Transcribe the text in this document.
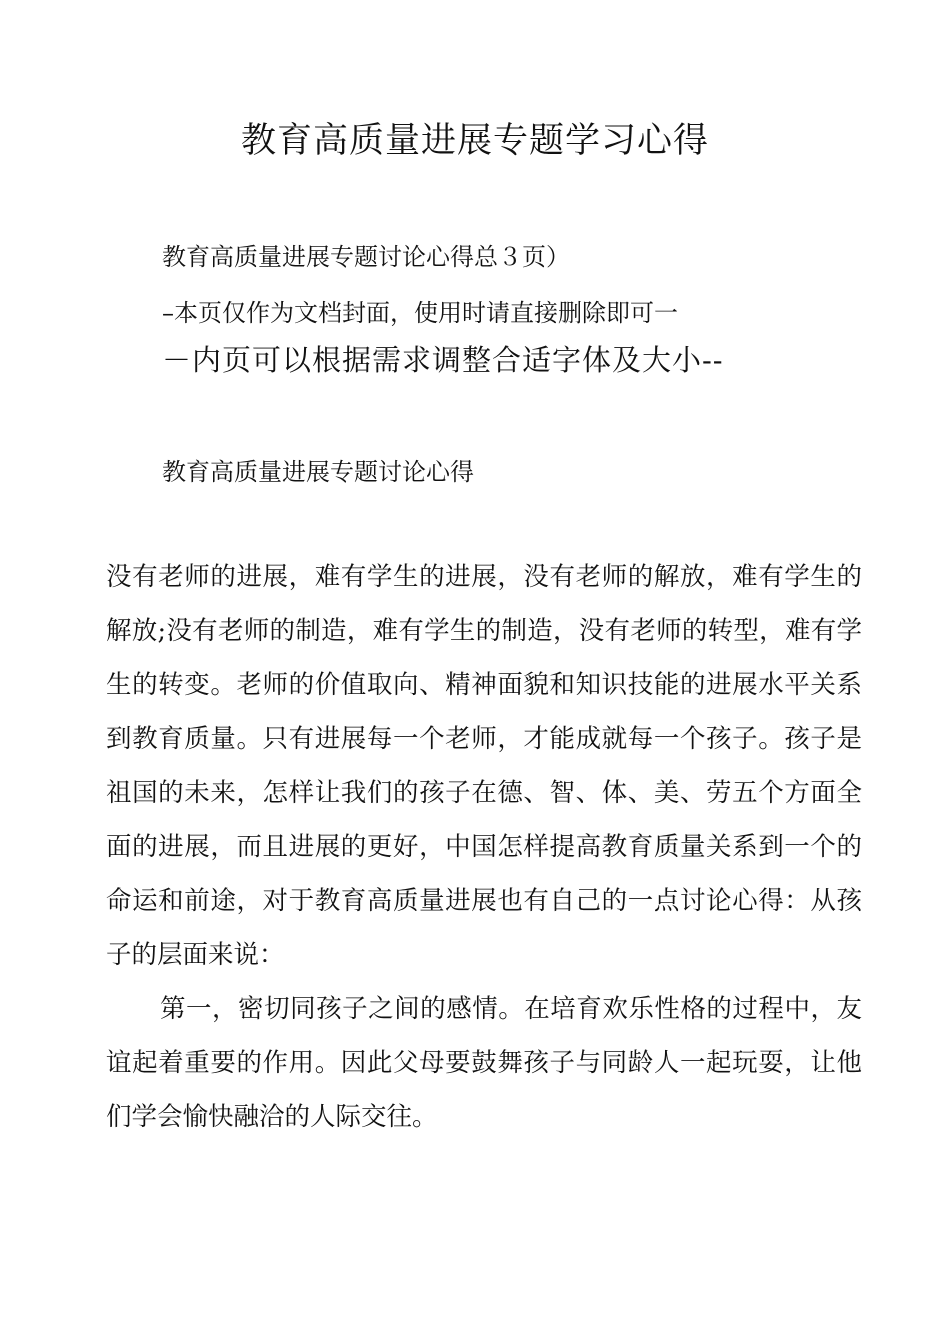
教育高质量进展专题学习心得
教育高质量进展专题讨论心得总３页）
–本页仅作为文档封面，使用时请直接删除即可一
－内页可以根据需求调整合适字体及大小--
教育高质量进展专题讨论心得

没有老师的进展，难有学生的进展，没有老师的解放，难有学生的解放;没有老师的制造，难有学生的制造，没有老师的转型，难有学生的转变。老师的价值取向、精神面貌和知识技能的进展水平关系到教育质量。只有进展每一个老师，才能成就每一个孩子。孩子是祖国的未来，怎样让我们的孩子在德、智、体、美、劳五个方面全面的进展，而且进展的更好，中国怎样提高教育质量关系到一个的命运和前途，对于教育高质量进展也有自己的一点讨论心得：从孩子的层面来说：

第一，密切同孩子之间的感情。在培育欢乐性格的过程中，友谊起着重要的作用。因此父母要鼓舞孩子与同龄人一起玩耍，让他们学会愉快融洽的人际交往。
